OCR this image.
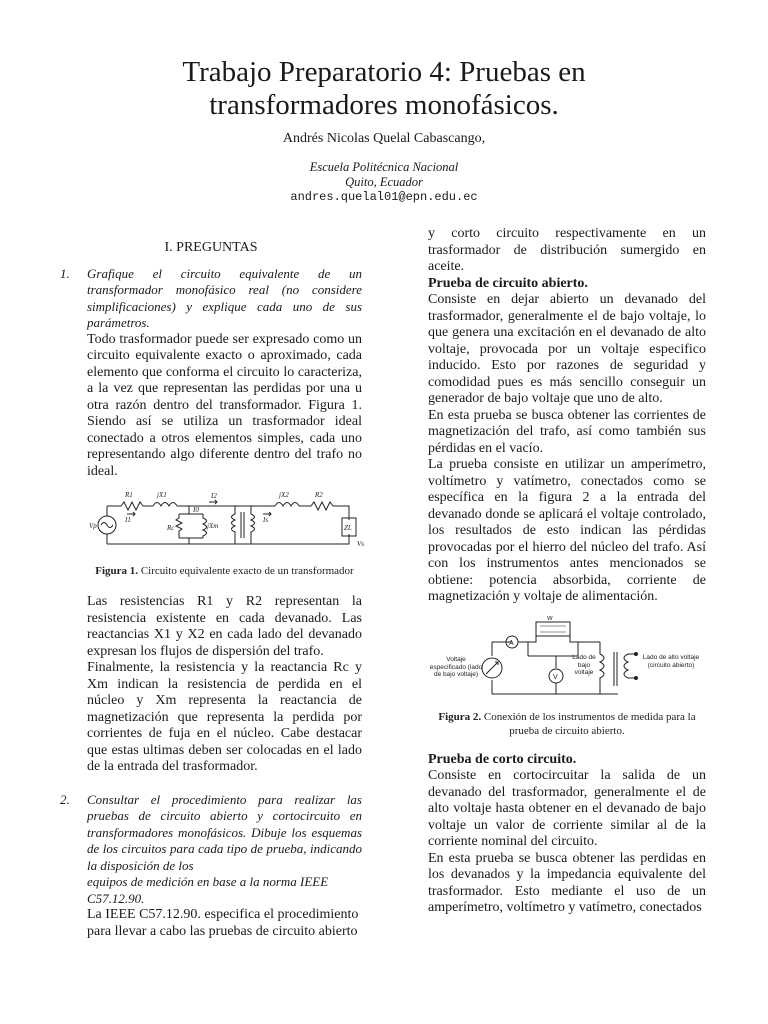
Trabajo Preparatorio 4: Pruebas en
transformadores monofásicos.
Andrés Nicolas Quelal Cabascango,
Escuela Politécnica Nacional
Quito, Ecuador
andres.quelal01@epn.edu.ec
I. PREGUNTAS
1.	Grafique el circuito equivalente de un transformador monofásico real (no considere simplificaciones) y explique cada uno de sus parámetros.

Todo trasformador puede ser expresado como un circuito equivalente exacto o aproximado, cada elemento que conforma el circuito lo caracteriza, a la vez que representan las perdidas por una u otra razón dentro del transformador. Figura 1. Siendo así se utiliza un trasformador ideal conectado a otros elementos simples, cada uno representando algo diferente dentro del trafo no ideal.

R1	jX1	jX2	R2
Vp
I1
I0
I2
Is
Rc	jXm	ZL
Vs
Figura 1. Circuito equivalente exacto de un transformador

Las resistencias R1 y R2 representan la resistencia existente en cada devanado. Las reactancias X1 y X2 en cada lado del devanado expresan los flujos de dispersión del trafo.

Finalmente, la resistencia y la reactancia Rc y Xm indican la resistencia de perdida en el núcleo y Xm representa la reactancia de magnetización que representa la perdida por corrientes de fuja en el núcleo. Cabe destacar que estas ultimas deben ser colocadas en el lado de la entrada del trasformador.

2.	Consultar el procedimiento para realizar las pruebas de circuito abierto y cortocircuito en transformadores monofásicos. Dibuje los esquemas de los circuitos para cada tipo de prueba, indicando la disposición de los
equipos de medición en base a la norma IEEE C57.12.90.

La IEEE C57.12.90. especifica el procedimiento para llevar a cabo las pruebas de circuito abierto

y corto circuito respectivamente en un trasformador de distribución sumergido en aceite.

Prueba de circuito abierto.

Consiste en dejar abierto un devanado del trasformador, generalmente el de bajo voltaje, lo que genera una excitación en el devanado de alto voltaje, provocada por un voltaje especifico inducido. Esto por razones de seguridad y comodidad pues es más sencillo conseguir un generador de bajo voltaje que uno de alto.

En esta prueba se busca obtener las corrientes de magnetización del trafo, así como también sus pérdidas en el vacío.

La prueba consiste en utilizar un amperímetro, voltímetro y vatímetro, conectados como se específica en la figura 2 a la entrada del devanado donde se aplicará el voltaje controlado, los resultados de esto indican las pérdidas provocadas por el hierro del núcleo del trafo. Así con los instrumentos antes mencionados se obtiene: potencia absorbida, corriente de magnetización y voltaje de alimentación.

W
A
V
Voltaje especificado (lado de bajo voltaje)
Lado de bajo voltaje
Lado de alto voltaje (circuito abierto)
Figura 2. Conexión de los instrumentos de medida para la prueba de circuito abierto.

Prueba de corto circuito.

Consiste en cortocircuitar la salida de un devanado del trasformador, generalmente el de alto voltaje hasta obtener en el devanado de bajo voltaje un valor de corriente similar al de la corriente nominal del circuito.

En esta prueba se busca obtener las perdidas en los devanados y la impedancia equivalente del trasformador. Esto mediante el uso de un amperímetro, voltímetro y vatímetro, conectados
